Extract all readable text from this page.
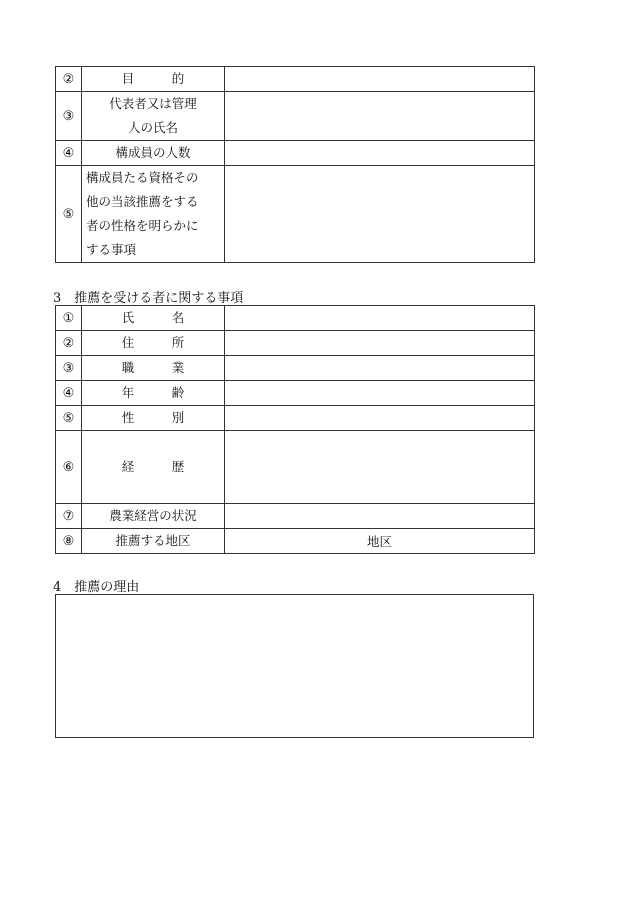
②	目　　　的	
③	代表者又は管理
人の氏名	
④	構成員の人数	
⑤	構成員たる資格その
他の当該推薦をする
者の性格を明らかに
する事項	
3　推薦を受ける者に関する事項
①	氏　　　名	
②	住　　　所	
③	職　　　業	
④	年　　　齢	
⑤	性　　　別	
⑥	経　　　歴	
⑦	農業経営の状況	
⑧	推薦する地区	地区
4　推薦の理由
